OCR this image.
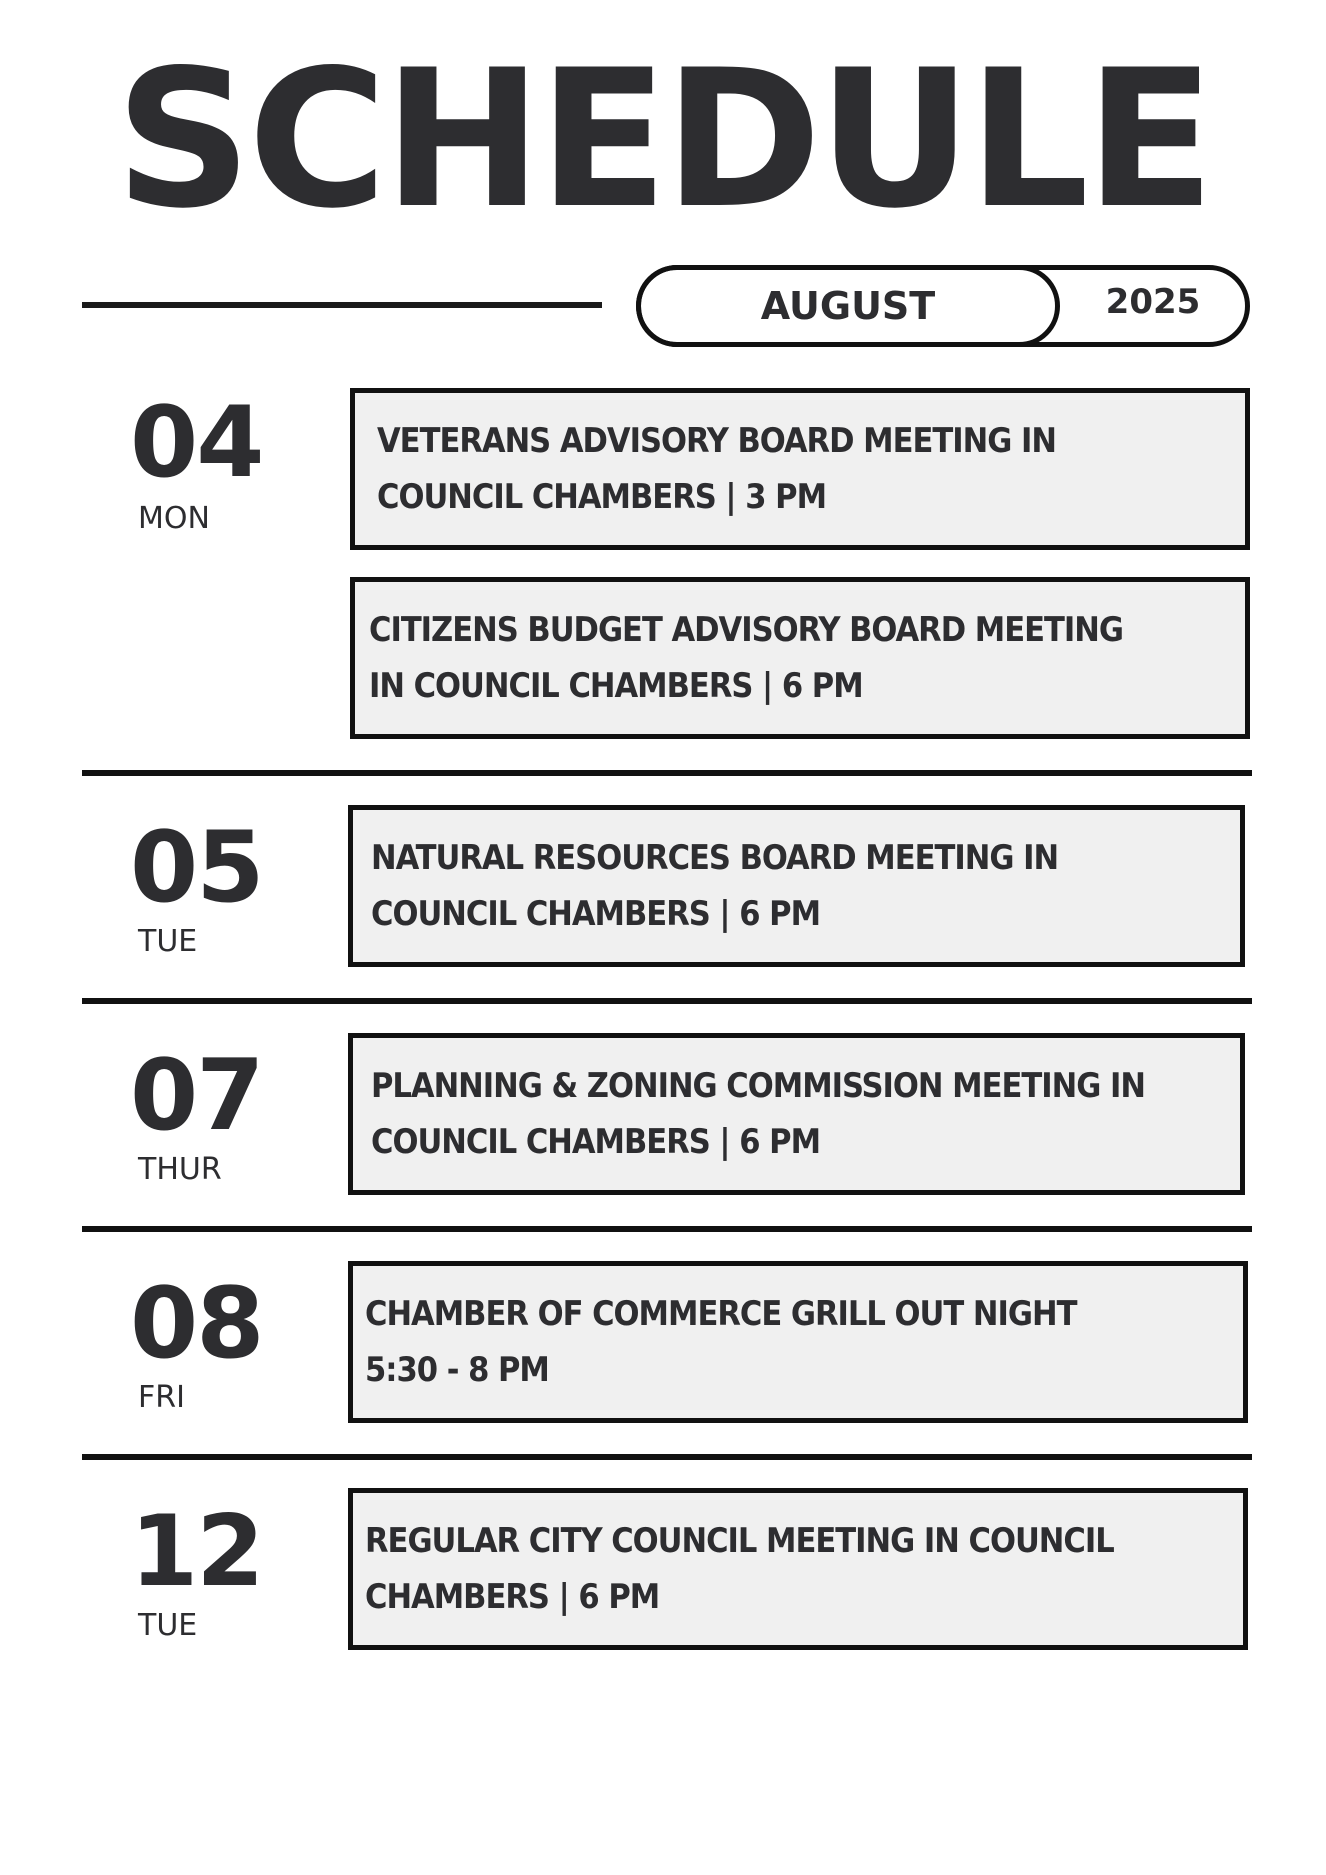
SCHEDULE
AUGUST	2025
04
MON
VETERANS ADVISORY BOARD MEETING IN
COUNCIL CHAMBERS | 3 PM
CITIZENS BUDGET ADVISORY BOARD MEETING
IN COUNCIL CHAMBERS | 6 PM
05
TUE
NATURAL RESOURCES BOARD MEETING IN
COUNCIL CHAMBERS | 6 PM
07
THUR
PLANNING & ZONING COMMISSION MEETING IN
COUNCIL CHAMBERS | 6 PM
08
FRI
CHAMBER OF COMMERCE GRILL OUT NIGHT
5:30 - 8 PM
12
TUE
REGULAR CITY COUNCIL MEETING IN COUNCIL
CHAMBERS | 6 PM
